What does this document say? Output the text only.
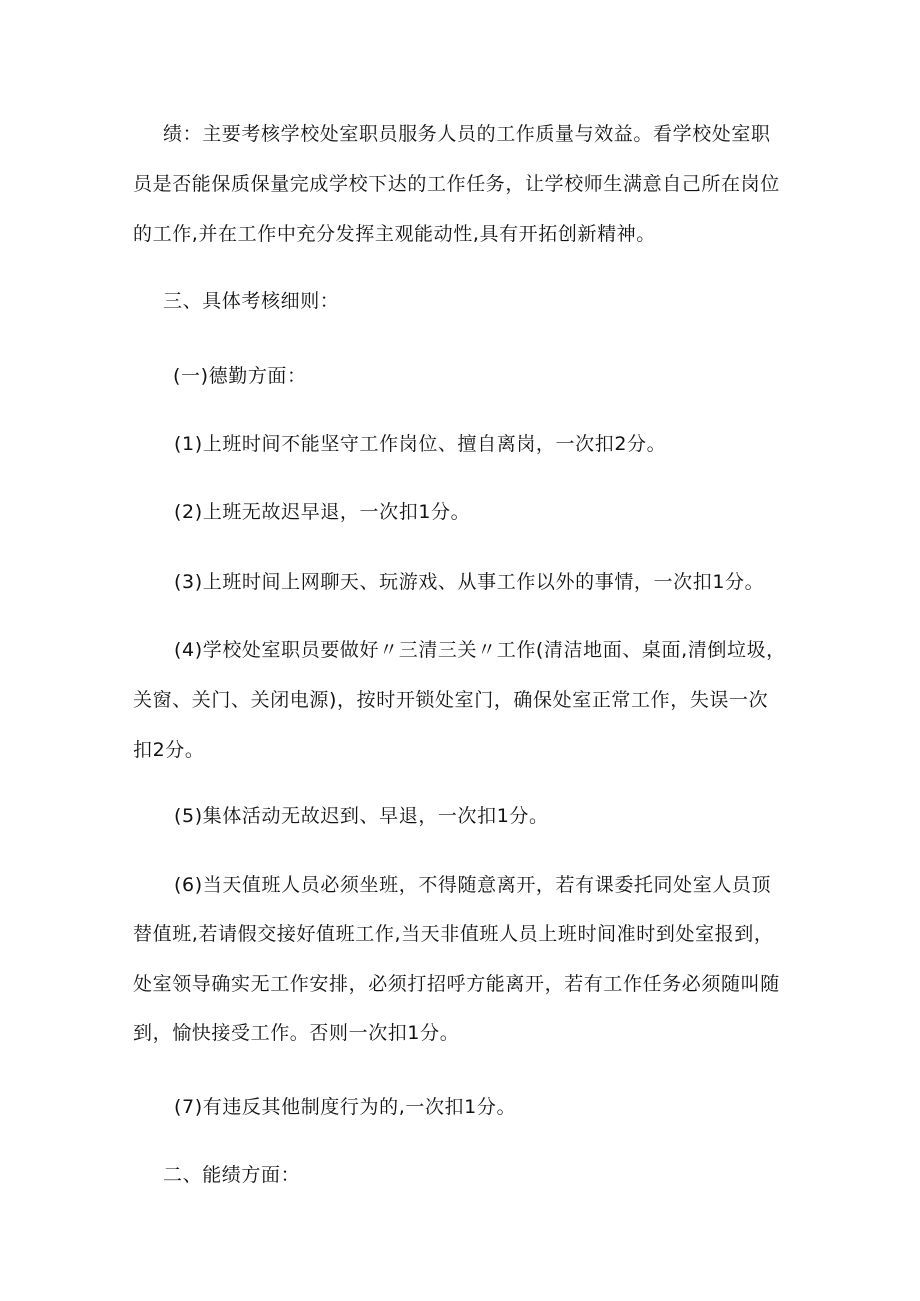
绩：主要考核学校处室职员服务人员的工作质量与效益。看学校处室职
员是否能保质保量完成学校下达的工作任务，让学校师生满意自己所在岗位
的工作,并在工作中充分发挥主观能动性,具有开拓创新精神。
三、具体考核细则：
(一)德勤方面：
(1)上班时间不能坚守工作岗位、擅自离岗，一次扣2分。
(2)上班无故迟早退，一次扣1分。
(3)上班时间上网聊天、玩游戏、从事工作以外的事情，一次扣1分。
(4)学校处室职员要做好〃三清三关〃工作(清洁地面、桌面,清倒垃圾，
关窗、关门、关闭电源)，按时开锁处室门，确保处室正常工作，失误一次
扣2分。
(5)集体活动无故迟到、早退，一次扣1分。
(6)当天值班人员必须坐班，不得随意离开，若有课委托同处室人员顶
替值班,若请假交接好值班工作,当天非值班人员上班时间准时到处室报到，
处室领导确实无工作安排，必须打招呼方能离开，若有工作任务必须随叫随
到，愉快接受工作。否则一次扣1分。
(7)有违反其他制度行为的,一次扣1分。
二、能绩方面：
